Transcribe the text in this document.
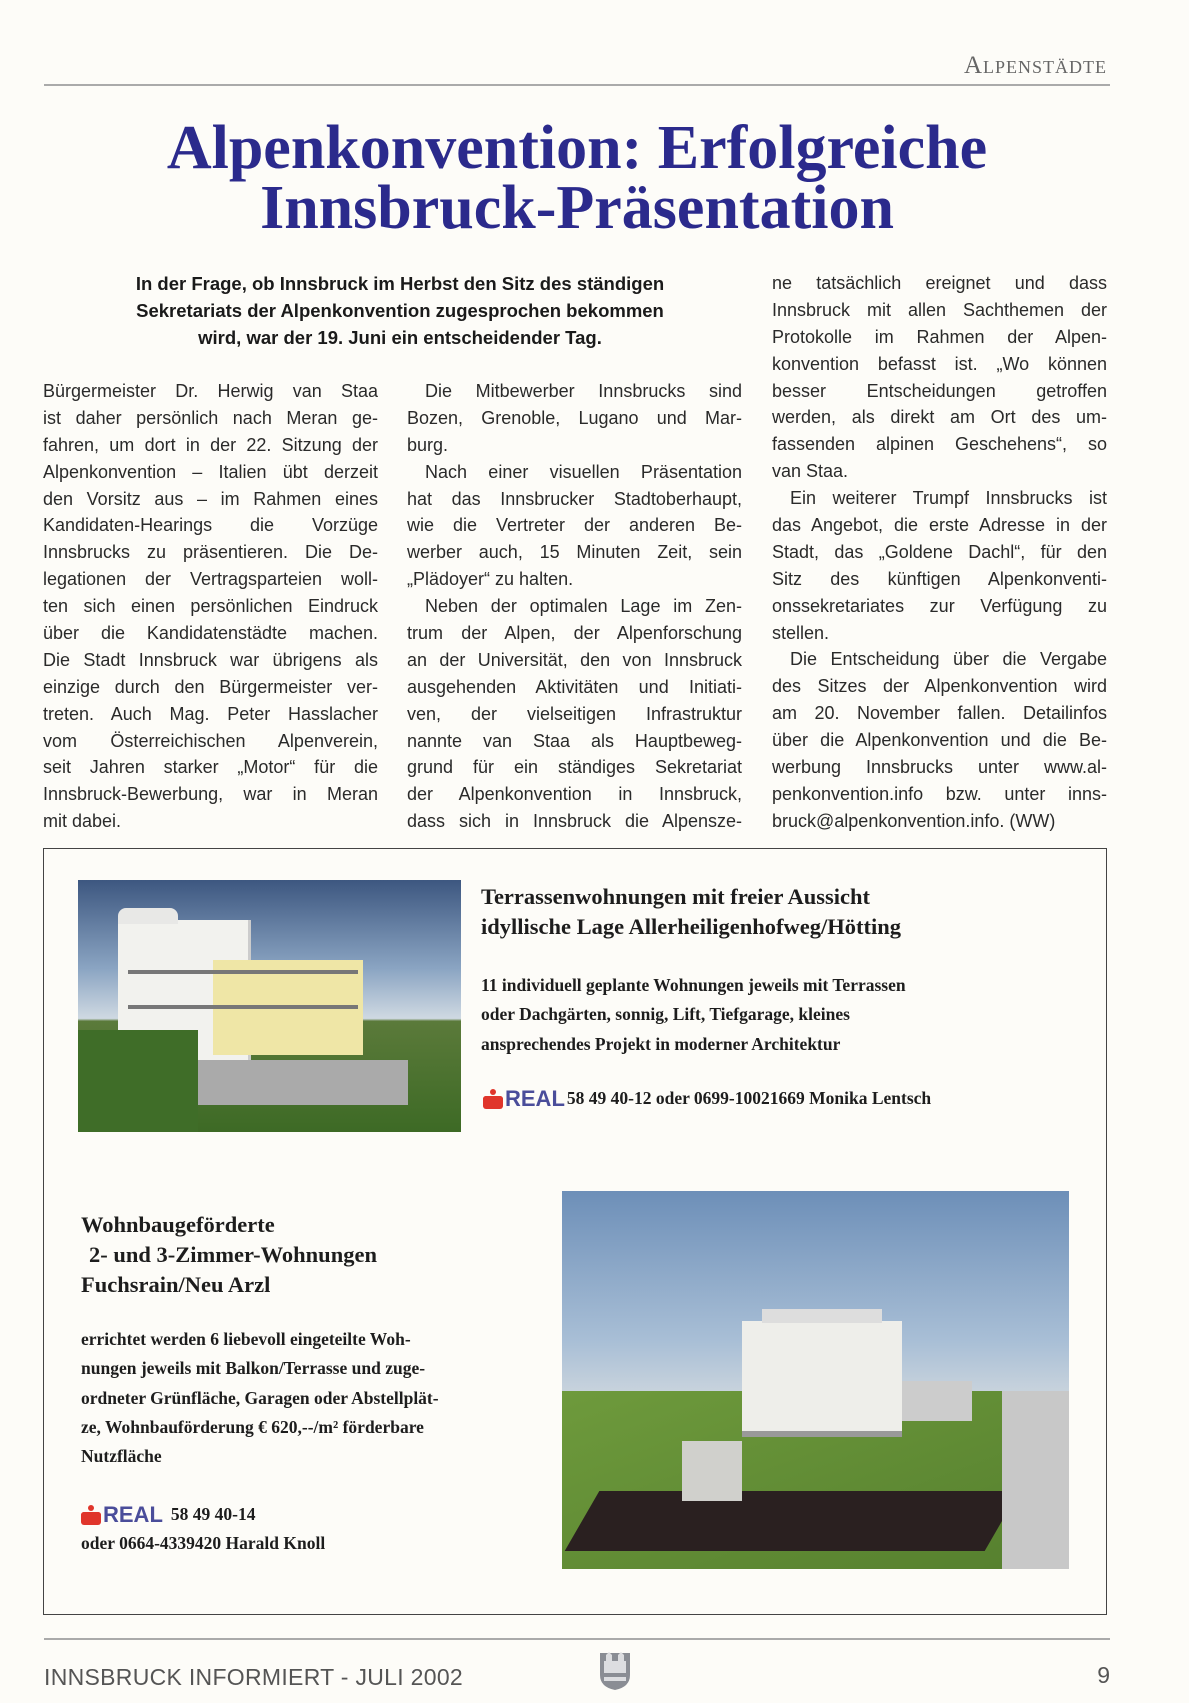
Alpenstädte
Alpenkonvention: Erfolgreiche
Innsbruck-Präsentation
In der Frage, ob Innsbruck im Herbst den Sitz des ständigen
Sekretariats der Alpenkonvention zugesprochen bekommen
wird, war der 19. Juni ein entscheidender Tag.
Bürgermeister Dr. Herwig van Staa
ist daher persönlich nach Meran ge-
fahren, um dort in der 22. Sitzung der
Alpenkonvention – Italien übt derzeit
den Vorsitz aus – im Rahmen eines
Kandidaten-Hearings die Vorzüge
Innsbrucks zu präsentieren. Die De-
legationen der Vertragsparteien woll-
ten sich einen persönlichen Eindruck
über die Kandidatenstädte machen.
Die Stadt Innsbruck war übrigens als
einzige durch den Bürgermeister ver-
treten. Auch Mag. Peter Hasslacher
vom Österreichischen Alpenverein,
seit Jahren starker „Motor“ für die
Innsbruck-Bewerbung, war in Meran
mit dabei.
Die Mitbewerber Innsbrucks sind
Bozen, Grenoble, Lugano und Mar-
burg.
Nach einer visuellen Präsentation
hat das Innsbrucker Stadtoberhaupt,
wie die Vertreter der anderen Be-
werber auch, 15 Minuten Zeit, sein
„Plädoyer“ zu halten.
Neben der optimalen Lage im Zen-
trum der Alpen, der Alpenforschung
an der Universität, den von Innsbruck
ausgehenden Aktivitäten und Initiati-
ven, der vielseitigen Infrastruktur
nannte van Staa als Hauptbeweg-
grund für ein ständiges Sekretariat
der Alpenkonvention in Innsbruck,
dass sich in Innsbruck die Alpensze-
ne tatsächlich ereignet und dass
Innsbruck mit allen Sachthemen der
Protokolle im Rahmen der Alpen-
konvention befasst ist. „Wo können
besser Entscheidungen getroffen
werden, als direkt am Ort des um-
fassenden alpinen Geschehens“, so
van Staa.
Ein weiterer Trumpf Innsbrucks ist
das Angebot, die erste Adresse in der
Stadt, das „Goldene Dachl“, für den
Sitz des künftigen Alpenkonventi-
onssekretariates zur Verfügung zu
stellen.
Die Entscheidung über die Vergabe
des Sitzes der Alpenkonvention wird
am 20. November fallen. Detailinfos
über die Alpenkonvention und die Be-
werbung Innsbrucks unter www.al-
penkonvention.info bzw. unter inns-
bruck@alpenkonvention.info. (WW)
Terrassenwohnungen mit freier Aussicht
idyllische Lage Allerheiligenhofweg/Hötting
11 individuell geplante Wohnungen jeweils mit Terrassen
oder Dachgärten, sonnig, Lift, Tiefgarage, kleines
ansprechendes Projekt in moderner Architektur
REAL 58 49 40-12 oder 0699-10021669 Monika Lentsch
Wohnbaugeförderte
2- und 3-Zimmer-Wohnungen
Fuchsrain/Neu Arzl
errichtet werden 6 liebevoll eingeteilte Woh-
nungen jeweils mit Balkon/Terrasse und zuge-
ordneter Grünfläche, Garagen oder Abstellplät-
ze, Wohnbauförderung € 620,--/m² förderbare
Nutzfläche
REAL 58 49 40-14
oder 0664-4339420 Harald Knoll
INNSBRUCK INFORMIERT - JULI 2002	9
